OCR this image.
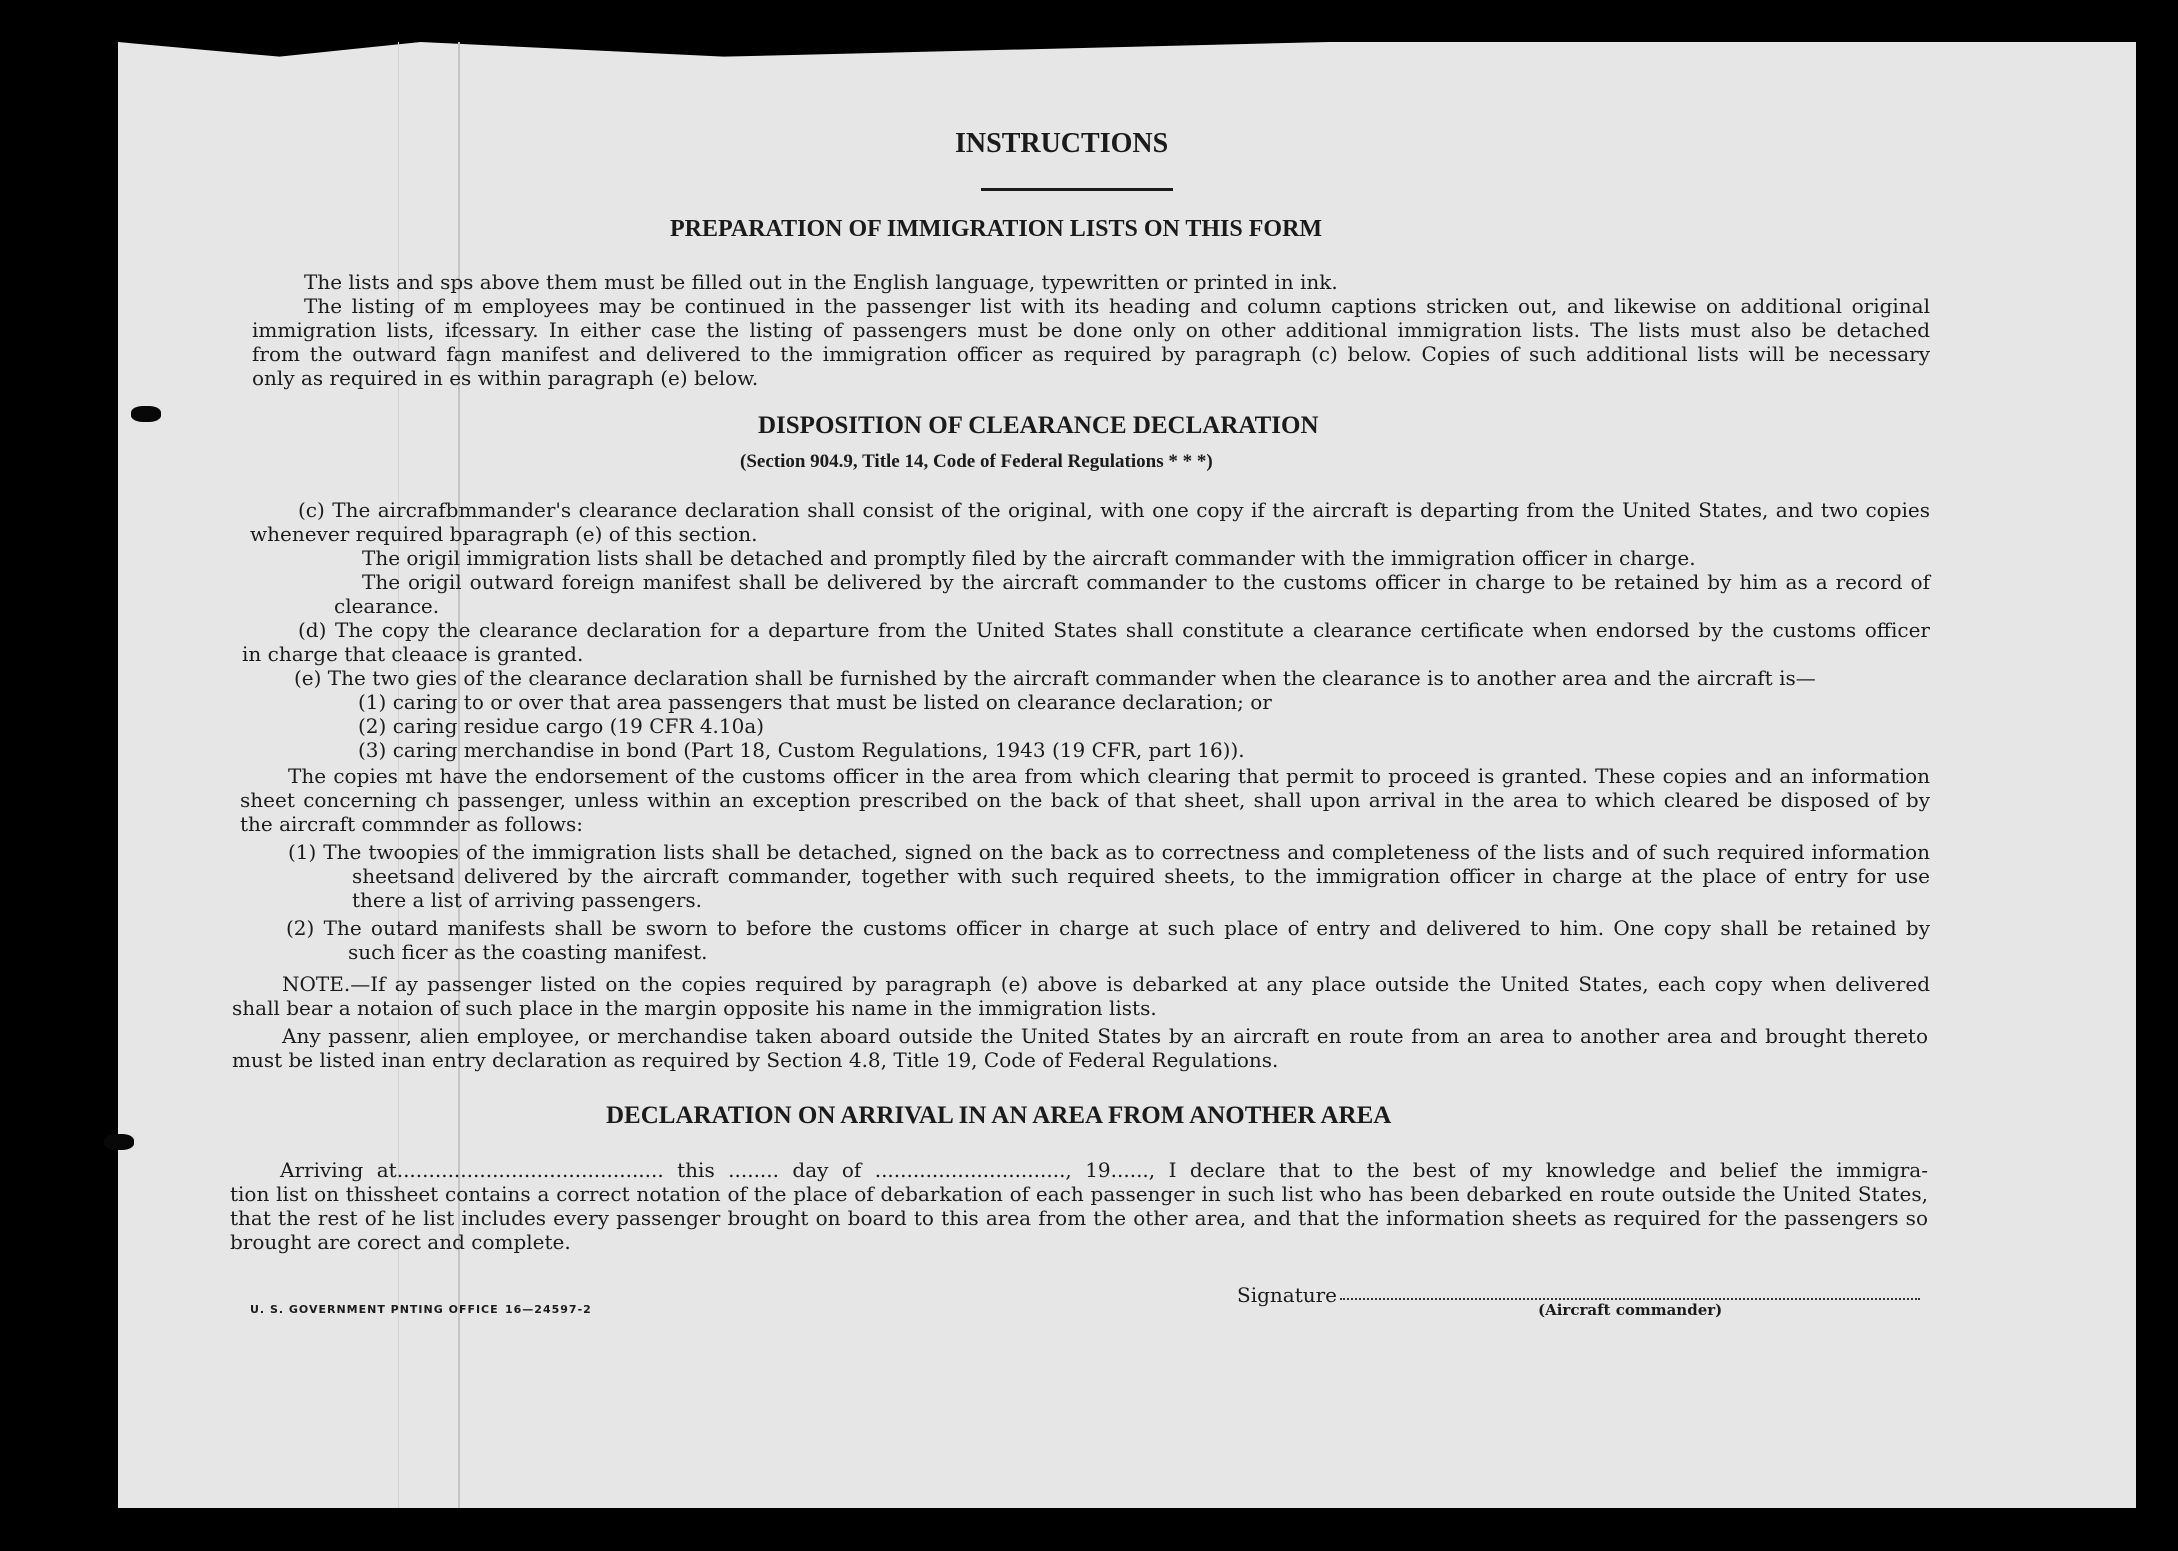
INSTRUCTIONS
PREPARATION OF IMMIGRATION LISTS ON THIS FORM
The lists and sps above them must be filled out in the English language, typewritten or printed in ink.
The listing of m employees may be continued in the passenger list with its heading and column captions stricken out, and likewise on additional original
immigration lists, ifcessary. In either case the listing of passengers must be done only on other additional immigration lists. The lists must also be detached
from the outward fagn manifest and delivered to the immigration officer as required by paragraph (c) below. Copies of such additional lists will be necessary
only as required in es within paragraph (e) below.
DISPOSITION OF CLEARANCE DECLARATION
(Section 904.9, Title 14, Code of Federal Regulations * * *)
(c) The aircrafbmmander's clearance declaration shall consist of the original, with one copy if the aircraft is departing from the United States, and two copies
whenever required bparagraph (e) of this section.
The origil immigration lists shall be detached and promptly filed by the aircraft commander with the immigration officer in charge.
The origil outward foreign manifest shall be delivered by the aircraft commander to the customs officer in charge to be retained by him as a record of
clearance.
(d) The copy the clearance declaration for a departure from the United States shall constitute a clearance certificate when endorsed by the customs officer
in charge that cleaace is granted.
(e) The two gies of the clearance declaration shall be furnished by the aircraft commander when the clearance is to another area and the aircraft is—
(1) caring to or over that area passengers that must be listed on clearance declaration; or
(2) caring residue cargo (19 CFR 4.10a)
(3) caring merchandise in bond (Part 18, Custom Regulations, 1943 (19 CFR, part 16)).
The copies mt have the endorsement of the customs officer in the area from which clearing that permit to proceed is granted. These copies and an information
sheet concerning ch passenger, unless within an exception prescribed on the back of that sheet, shall upon arrival in the area to which cleared be disposed of by
the aircraft commnder as follows:
(1) The twoopies of the immigration lists shall be detached, signed on the back as to correctness and completeness of the lists and of such required information
sheetsand delivered by the aircraft commander, together with such required sheets, to the immigration officer in charge at the place of entry for use
there a list of arriving passengers.
(2) The outard manifests shall be sworn to before the customs officer in charge at such place of entry and delivered to him. One copy shall be retained by
such ficer as the coasting manifest.
NOTE.—If ay passenger listed on the copies required by paragraph (e) above is debarked at any place outside the United States, each copy when delivered
shall bear a notaion of such place in the margin opposite his name in the immigration lists.
Any passenr, alien employee, or merchandise taken aboard outside the United States by an aircraft en route from an area to another area and brought thereto
must be listed inan entry declaration as required by Section 4.8, Title 19, Code of Federal Regulations.
DECLARATION ON ARRIVAL IN AN AREA FROM ANOTHER AREA
Arriving at.......................................... this ........ day of .............................., 19......, I declare that to the best of my knowledge and belief the immigra-
tion list on thissheet contains a correct notation of the place of debarkation of each passenger in such list who has been debarked en route outside the United States,
that the rest of he list includes every passenger brought on board to this area from the other area, and that the information sheets as required for the passengers so
brought are corect and complete.
Signature
(Aircraft commander)
U. S. GOVERNMENT PNTING OFFICE 16—24597-2
